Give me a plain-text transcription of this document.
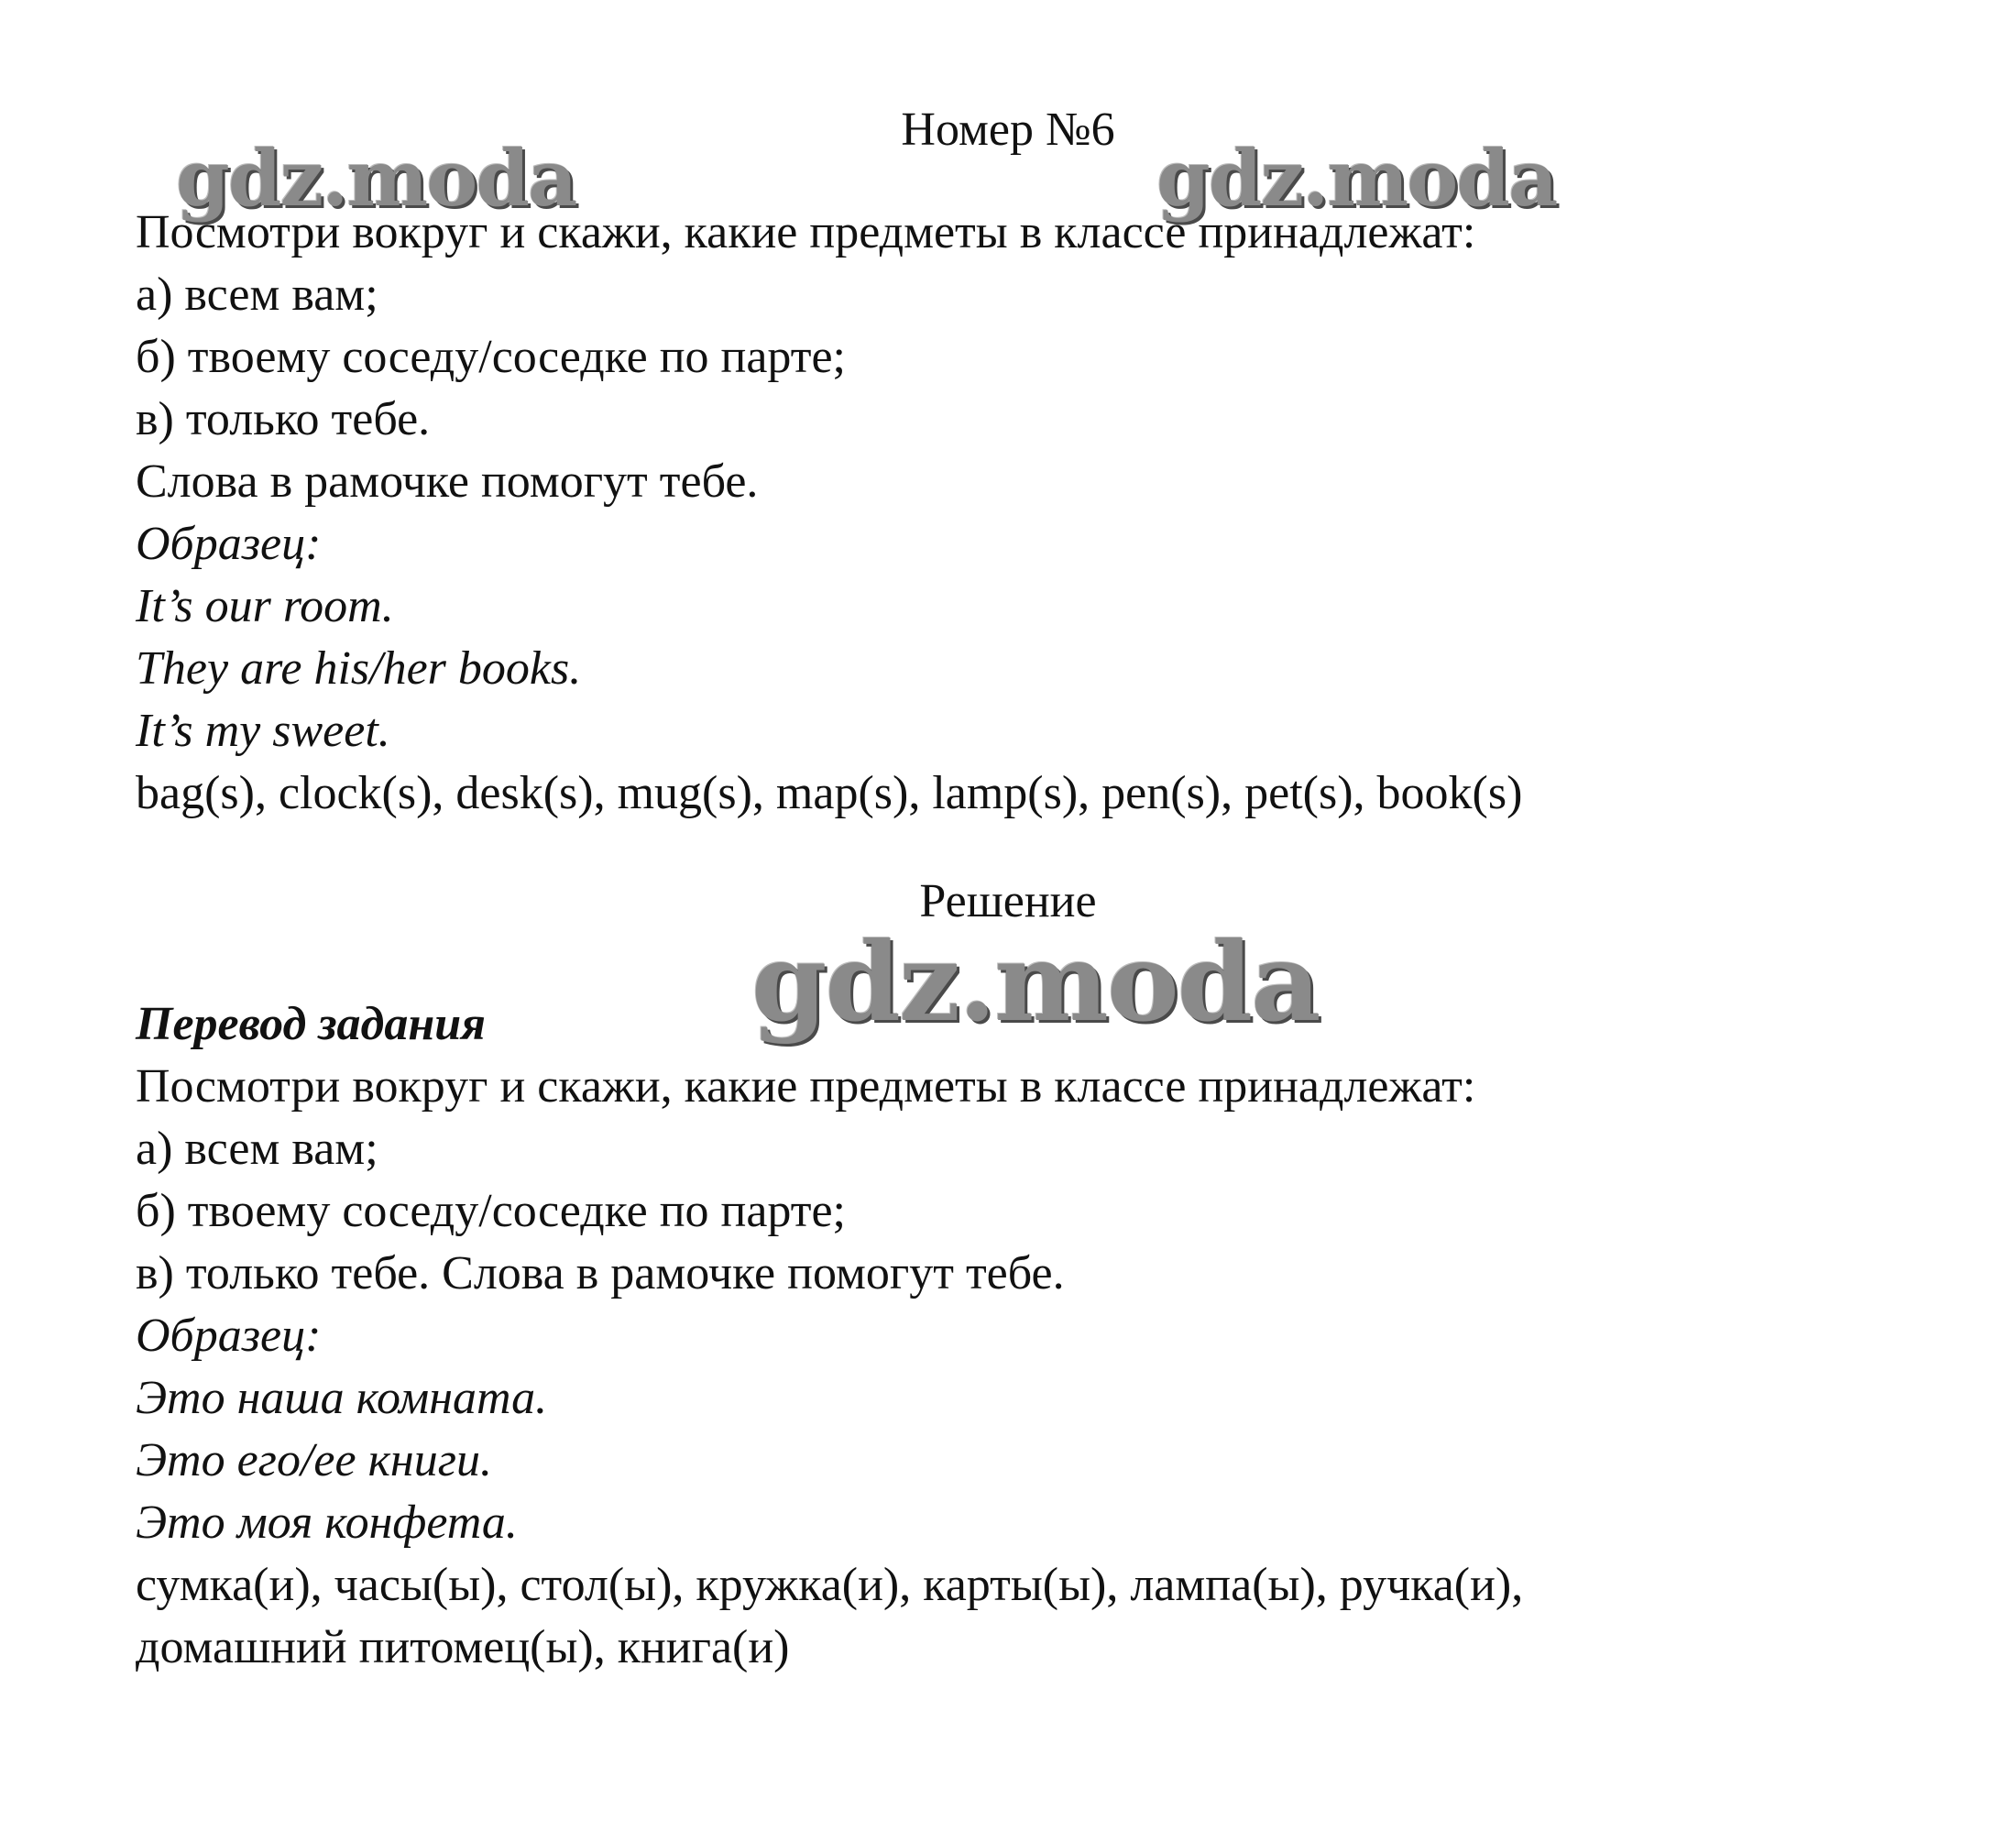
gdz.moda	gdz.moda
gdz.moda
Номер №6
Посмотри вокруг и скажи, какие предметы в классе принадлежат:
а) всем вам;
б) твоему соседу/соседке по парте;
в) только тебе.
Слова в рамочке помогут тебе.
Образец:
It’s our room.
They are his/her books.
It’s my sweet.
bag(s), clock(s), desk(s), mug(s), map(s), lamp(s), pen(s), pet(s), book(s)
Решение
Перевод задания
Посмотри вокруг и скажи, какие предметы в классе принадлежат:
а) всем вам;
б) твоему соседу/соседке по парте;
в) только тебе. Слова в рамочке помогут тебе.
Образец:
Это наша комната.
Это его/ее книги.
Это моя конфета.
сумка(и), часы(ы), стол(ы), кружка(и), карты(ы), лампа(ы), ручка(и),
домашний питомец(ы), книга(и)
